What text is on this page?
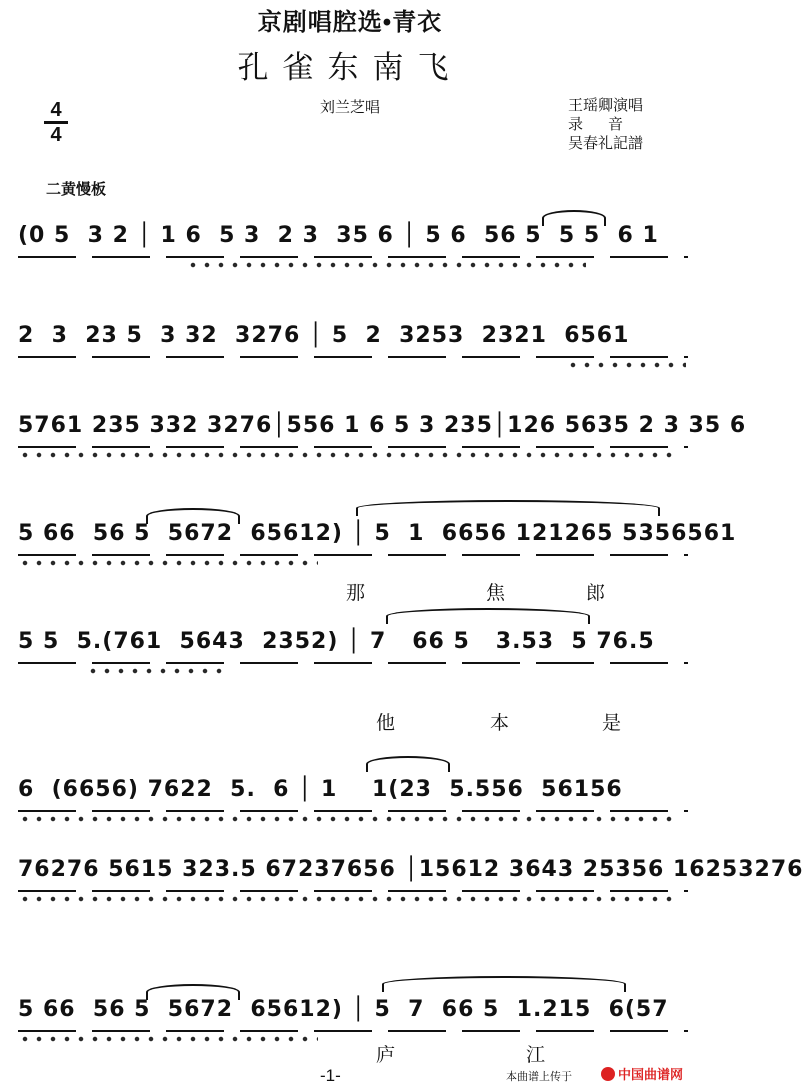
京剧唱腔选•青衣
孔雀东南飞
刘兰芝唱	王瑶卿演唱
录      音
吴春礼記譜
4
4
二黄慢板
(0 5  3 2 │ 1 6  5 3  2 3  35 6 │ 5 6  56 5  5 5  6 1
2  3  23 5  3 32  3276 │ 5  2  3253  2321  6561
5761 235 332 3276│556 1 6 5 3 235│126 5635 2 3 35 6
5 66  56 5  5672  65612) │ 5  1  6656 121265 5356561
那	焦	郎
5 5  5.(761  5643  2352) │ 7   66 5   3.53  5 76.5
他	本	是
6  (6656) 7622  5.  6 │ 1    1(23  5.556  56156
76276 5615 323.5 67237656 │15612 3643 25356 16253276
5 66  56 5  5672  65612) │ 5  7  66 5  1.215  6(57
庐	江
-1-	本曲谱上传于	中国曲谱网
